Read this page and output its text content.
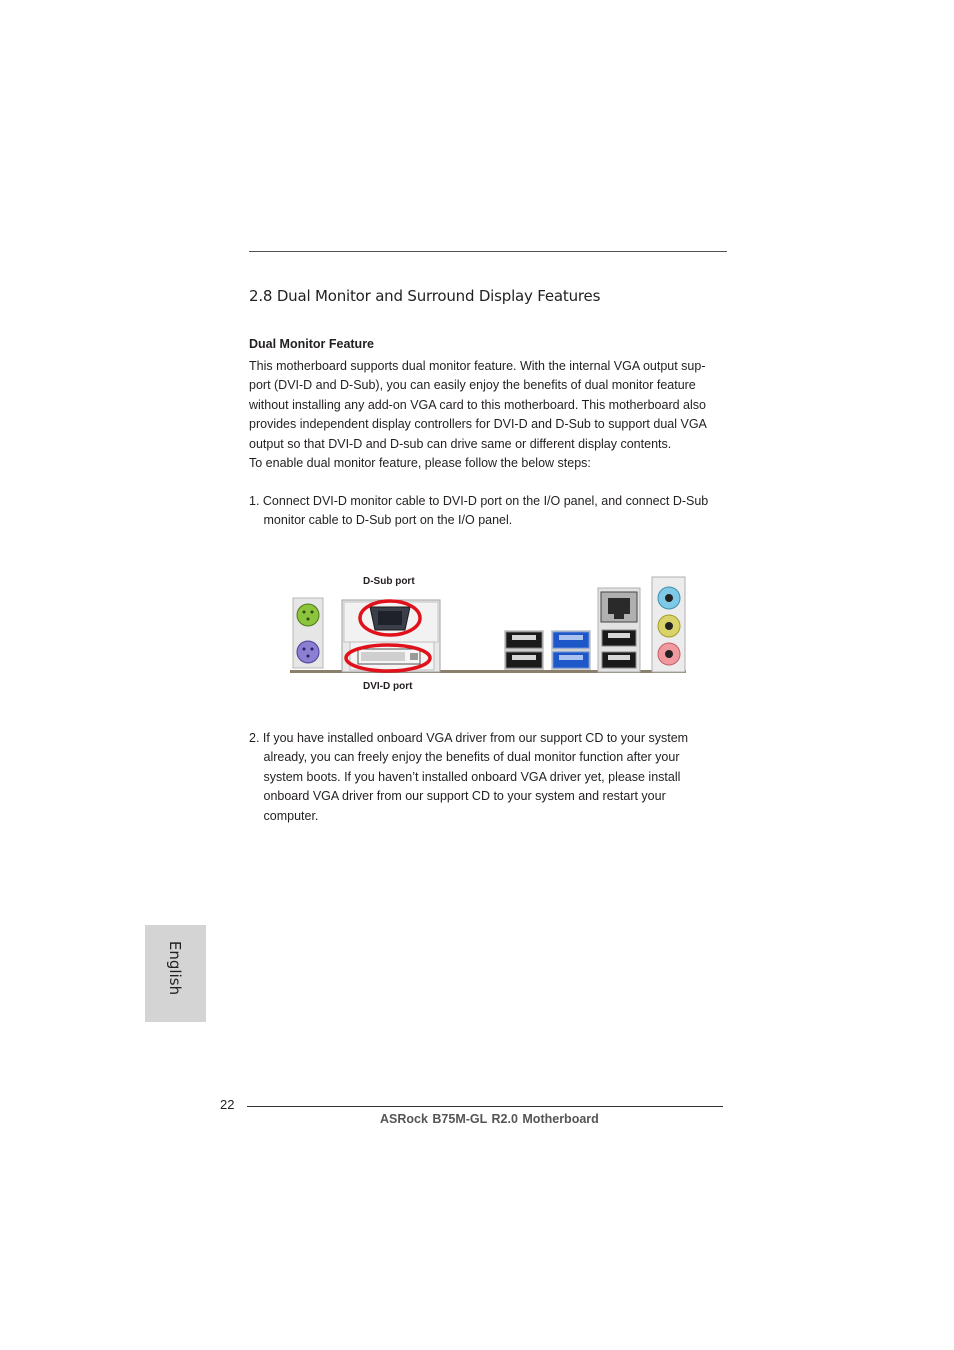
2.8 Dual Monitor and Surround Display Features
Dual Monitor Feature

This motherboard supports dual monitor feature. With the internal VGA output sup-
port (DVI-D and D-Sub), you can easily enjoy the benefits of dual monitor feature
without installing any add-on VGA card to this motherboard. This motherboard also
provides independent display controllers for DVI-D and D-Sub to support dual VGA
output so that DVI-D and D-sub can drive same or different display contents.
To enable dual monitor feature, please follow the below steps:

1. Connect DVI-D monitor cable to DVI-D port on the I/O panel, and connect D-Sub
monitor cable to D-Sub port on the I/O panel.

D-Sub port

DVI-D port

2. If you have installed onboard VGA driver from our support CD to your system
already, you can freely enjoy the benefits of dual monitor function after your
system boots. If you haven’t installed onboard VGA driver yet, please install
onboard VGA driver from our support CD to your system and restart your
computer.

English

22

ASRock B75M-GL R2.0 Motherboard
